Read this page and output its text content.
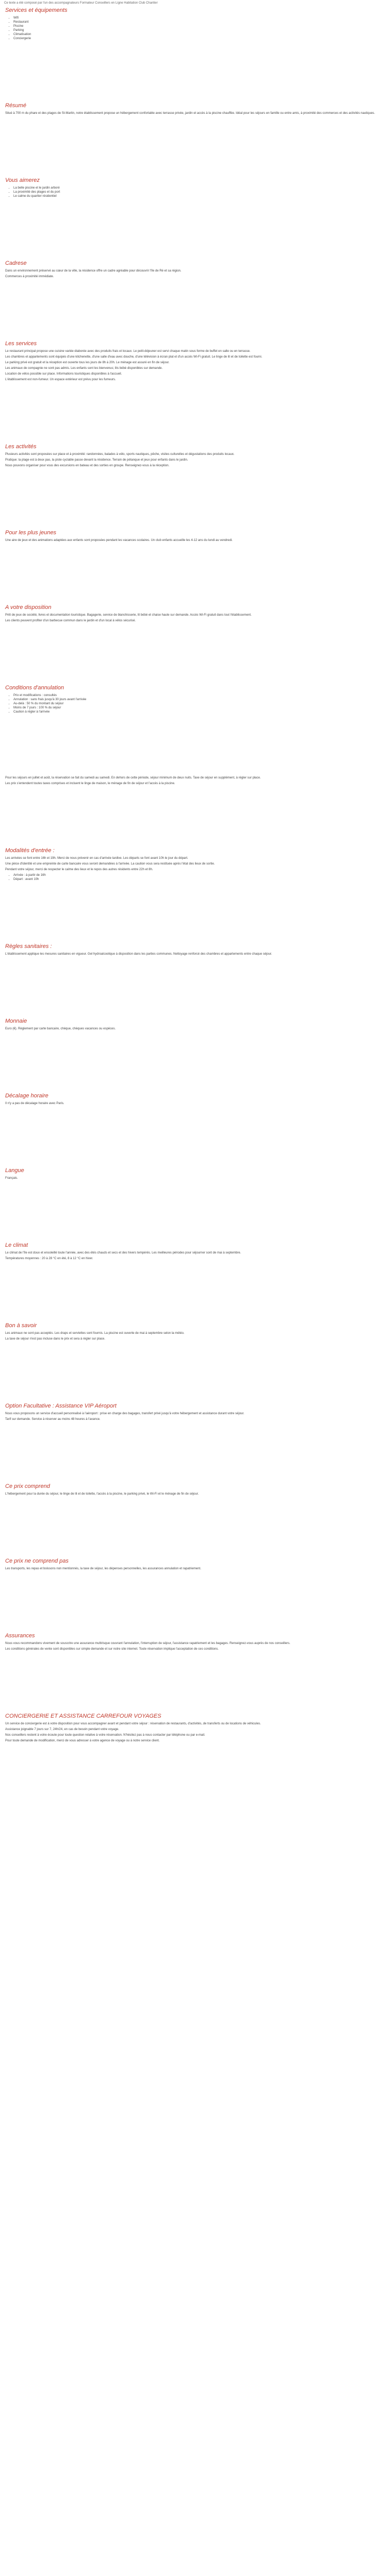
Ce texte a été composé par l'un des accompagnateurs Formateur Conseillers en Ligne Habitation Club Chantier

Services et équipements
• Wifi
• Restaurant
• Piscine
• Parking
• Climatisation
• Conciergerie
Résumé

Situé à 700 m du phare et des plages de St-Martin, notre établissement propose un hébergement confortable avec terrasse privée, jardin et accès à la piscine chauffée. Idéal pour les séjours en famille ou entre amis, à proximité des commerces et des activités nautiques.

Vous aimerez
• La belle piscine et le jardin arboré
• La proximité des plages et du port
• Le calme du quartier résidentiel
Cadrese

Dans un environnement préservé au cœur de la ville, la résidence offre un cadre agréable pour découvrir l'île de Ré et sa région.

Commerces à proximité immédiate.

Les services

Le restaurant principal propose une cuisine variée élaborée avec des produits frais et locaux. Le petit-déjeuner est servi chaque matin sous forme de buffet en salle ou en terrasse.

Les chambres et appartements sont équipés d'une kitchenette, d'une salle d'eau avec douche, d'une télévision à écran plat et d'un accès Wi-Fi gratuit. Le linge de lit et de toilette est fourni.

Le parking privé est gratuit et la réception est ouverte tous les jours de 8h à 20h. Le ménage est assuré en fin de séjour.

Les animaux de compagnie ne sont pas admis. Les enfants sont les bienvenus; lits bébé disponibles sur demande.

Location de vélos possible sur place. Informations touristiques disponibles à l'accueil.

L'établissement est non-fumeur. Un espace extérieur est prévu pour les fumeurs.

Les activités

Plusieurs activités sont proposées sur place et à proximité: randonnées, balades à vélo, sports nautiques, pêche, visites culturelles et dégustations des produits locaux.

Pratique: la plage est à deux pas, la piste cyclable passe devant la résidence. Terrain de pétanque et jeux pour enfants dans le jardin.

Nous pouvons organiser pour vous des excursions en bateau et des sorties en groupe. Renseignez-vous à la réception.

Pour les plus jeunes

Une aire de jeux et des animations adaptées aux enfants sont proposées pendant les vacances scolaires. Un club enfants accueille les 4-12 ans du lundi au vendredi.

A votre disposition

Prêt de jeux de société, livres et documentation touristique. Bagagerie, service de blanchisserie, lit bébé et chaise haute sur demande. Accès Wi-Fi gratuit dans tout l'établissement.

Les clients peuvent profiter d'un barbecue commun dans le jardin et d'un local à vélos sécurisé.

Conditions d'annulation
• Prix et modifications : consultés
• Annulation : sans frais jusqu'à 30 jours avant l'arrivée
• Au-delà : 50 % du montant du séjour
• Moins de 7 jours : 100 % du séjour
• Caution à régler à l'arrivée

Pour les séjours en juillet et août, la réservation se fait du samedi au samedi. En dehors de cette période, séjour minimum de deux nuits. Taxe de séjour en supplément, à régler sur place.

Les prix s'entendent toutes taxes comprises et incluent le linge de maison, le ménage de fin de séjour et l'accès à la piscine.

Modalités d'entrée :

Les arrivées se font entre 16h et 19h. Merci de nous prévenir en cas d'arrivée tardive. Les départs se font avant 10h le jour du départ.

Une pièce d'identité et une empreinte de carte bancaire vous seront demandées à l'arrivée. La caution vous sera restituée après l'état des lieux de sortie.

Pendant votre séjour, merci de respecter le calme des lieux et le repos des autres résidents entre 22h et 8h.

• Arrivée : à partir de 16h
• Départ : avant 10h
Règles sanitaires :

L'établissement applique les mesures sanitaires en vigueur. Gel hydroalcoolique à disposition dans les parties communes. Nettoyage renforcé des chambres et appartements entre chaque séjour.

Monnaie

Euro (€). Règlement par carte bancaire, chèque, chèques vacances ou espèces.

Décalage horaire

Il n'y a pas de décalage horaire avec Paris.

Langue

Français.

Le climat

Le climat de l'île est doux et ensoleillé toute l'année, avec des étés chauds et secs et des hivers tempérés. Les meilleures périodes pour séjourner sont de mai à septembre.

Températures moyennes : 20 à 28 °C en été, 8 à 12 °C en hiver.

Bon à savoir

Les animaux ne sont pas acceptés. Les draps et serviettes sont fournis. La piscine est ouverte de mai à septembre selon la météo.

La taxe de séjour n'est pas incluse dans le prix et sera à régler sur place.

Option Facultative : Assistance VIP Aéroport

Nous vous proposons un service d'accueil personnalisé à l'aéroport : prise en charge des bagages, transfert privé jusqu'à votre hébergement et assistance durant votre séjour.

Tarif sur demande. Service à réserver au moins 48 heures à l'avance.

Ce prix comprend

L'hébergement pour la durée du séjour, le linge de lit et de toilette, l'accès à la piscine, le parking privé, le Wi-Fi et le ménage de fin de séjour.

Ce prix ne comprend pas

Les transports, les repas et boissons non mentionnés, la taxe de séjour, les dépenses personnelles, les assurances annulation et rapatriement.

Assurances

Nous vous recommandons vivement de souscrire une assurance multirisque couvrant l'annulation, l'interruption de séjour, l'assistance rapatriement et les bagages. Renseignez-vous auprès de nos conseillers.

Les conditions générales de vente sont disponibles sur simple demande et sur notre site internet. Toute réservation implique l'acceptation de ces conditions.

CONCIERGERIE ET ASSISTANCE CARREFOUR VOYAGES

Un service de conciergerie est à votre disposition pour vous accompagner avant et pendant votre séjour : réservation de restaurants, d'activités, de transferts ou de locations de véhicules.

Assistance joignable 7 jours sur 7, 24h/24, en cas de besoin pendant votre voyage.

Nos conseillers restent à votre écoute pour toute question relative à votre réservation. N'hésitez pas à nous contacter par téléphone ou par e-mail.

Pour toute demande de modification, merci de vous adresser à votre agence de voyage ou à notre service client.
